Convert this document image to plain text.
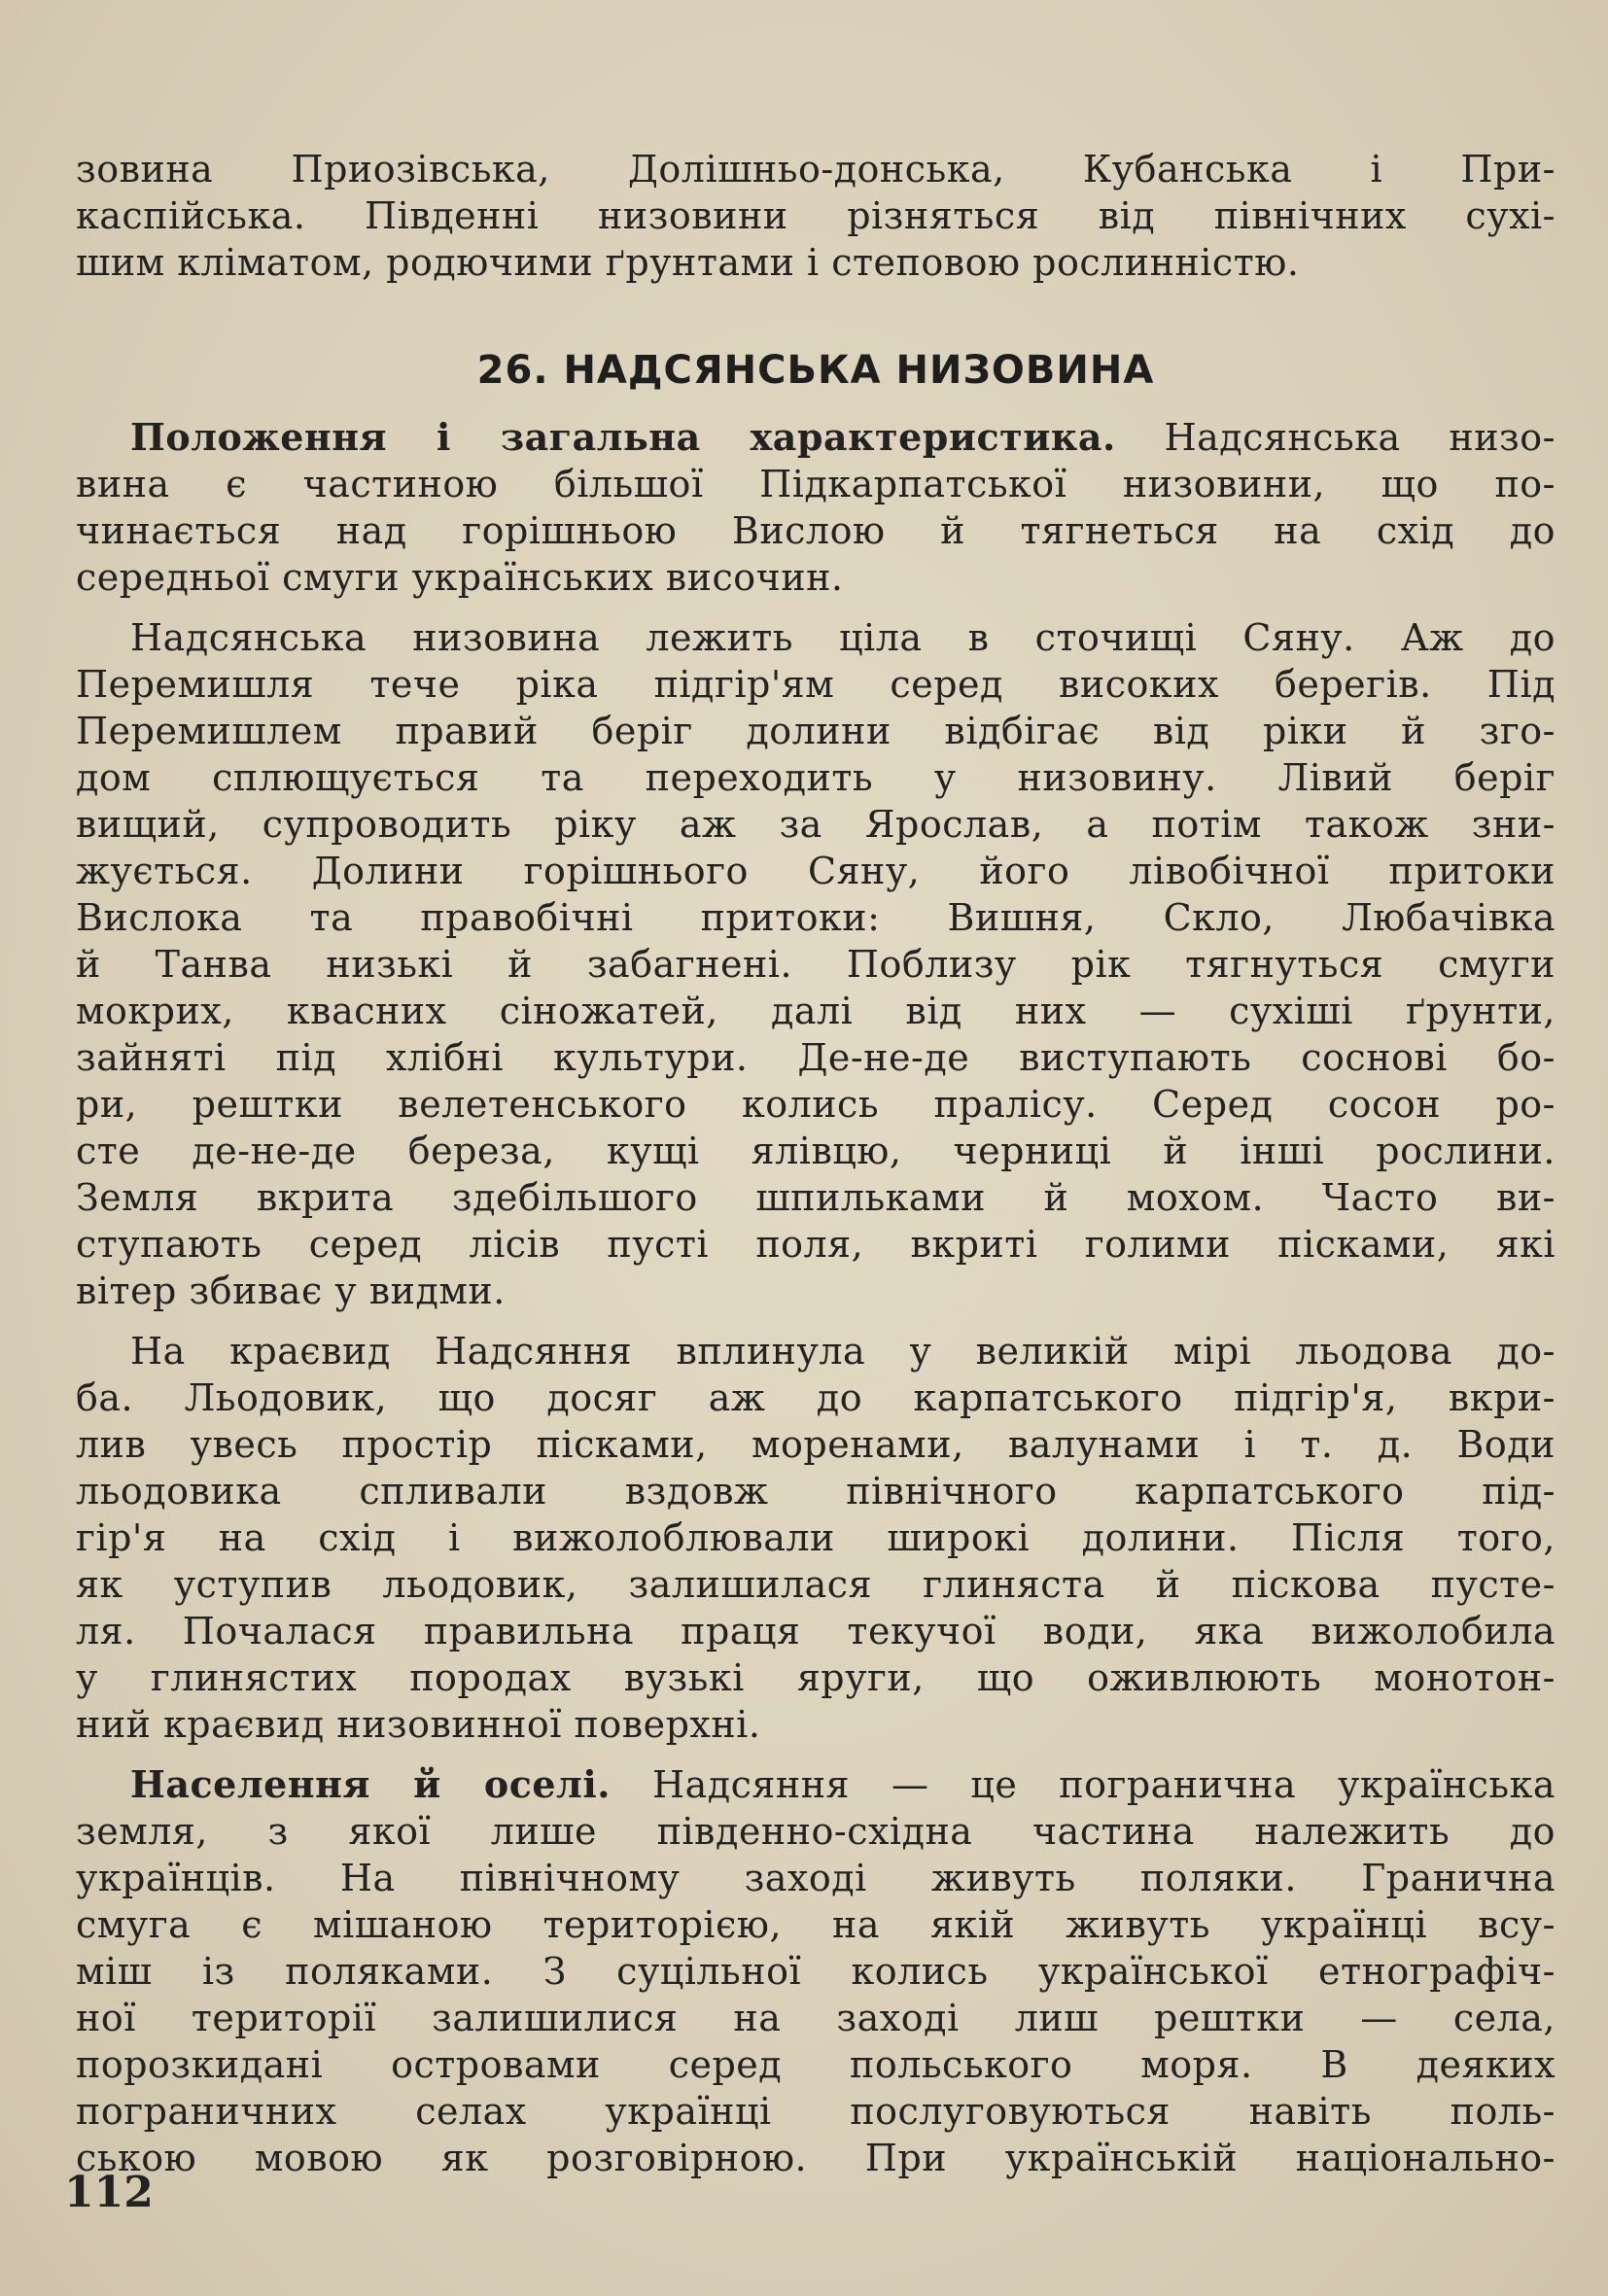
зовина Приозівська, Долішньо-донська, Кубанська і При-

каспійська. Південні низовини різняться від північних сухі-

шим кліматом, родючими ґрунтами і степовою рослинністю.

26. НАДСЯНСЬКА НИЗОВИНА

Положення і загальна характеристика. Надсянська низо-

вина є частиною більшої Підкарпатської низовини, що по-

чинається над горішньою Вислою й тягнеться на схід до

середньої смуги українських височин.

Надсянська низовина лежить ціла в сточищі Сяну. Аж до

Перемишля тече ріка підгір'ям серед високих берегів. Під

Перемишлем правий беріг долини відбігає від ріки й зго-

дом сплющується та переходить у низовину. Лівий беріг

вищий, супроводить ріку аж за Ярослав, а потім також зни-

жується. Долини горішнього Сяну, його лівобічної притоки

Вислока та правобічні притоки: Вишня, Скло, Любачівка

й Танва низькі й забагнені. Поблизу рік тягнуться смуги

мокрих, квасних сіножатей, далі від них — сухіші ґрунти,

зайняті під хлібні культури. Де-не-де виступають соснові бо-

ри, рештки велетенського колись пралісу. Серед сосон ро-

сте де-не-де береза, кущі ялівцю, черниці й інші рослини.

Земля вкрита здебільшого шпильками й мохом. Часто ви-

ступають серед лісів пусті поля, вкриті голими пісками, які

вітер збиває у видми.

На краєвид Надсяння вплинула у великій мірі льодова до-

ба. Льодовик, що досяг аж до карпатського підгір'я, вкри-

лив увесь простір пісками, моренами, валунами і т. д. Води

льодовика спливали вздовж північного карпатського під-

гір'я на схід і вижолоблювали широкі долини. Після того,

як уступив льодовик, залишилася глиняста й піскова пусте-

ля. Почалася правильна праця текучої води, яка вижолобила

у глинястих породах вузькі яруги, що оживлюють монотон-

ний краєвид низовинної поверхні.

Населення й оселі. Надсяння — це погранична українська

земля, з якої лише південно-східна частина належить до

українців. На північному заході живуть поляки. Гранична

смуга є мішаною територією, на якій живуть українці всу-

міш із поляками. З суцільної колись української етнографіч-

ної території залишилися на заході лиш рештки — села,

порозкидані островами серед польського моря. В деяких

пограничних селах українці послуговуються навіть поль-

ською мовою як розговірною. При українській національно-

112
